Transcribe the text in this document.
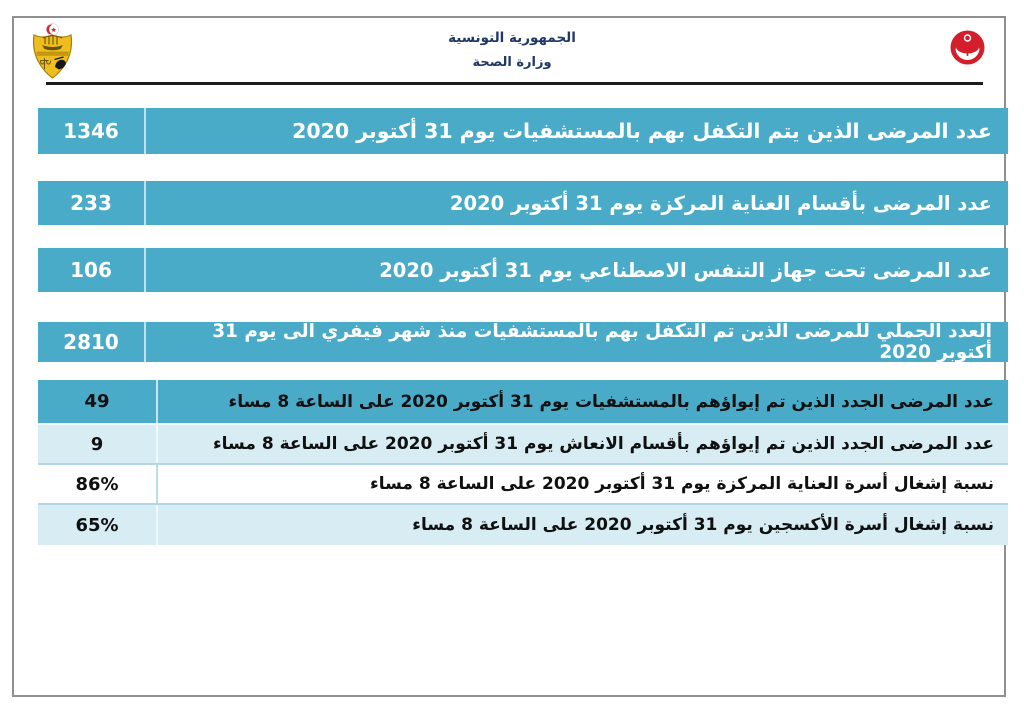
الجمهورية التونسية
وزارة الصحة
1346	عدد المرضى الذين يتم التكفل بهم بالمستشفيات يوم 31 أكتوبر 2020
233	عدد المرضى بأقسام العناية المركزة يوم 31 أكتوبر 2020
106	عدد المرضى تحت جهاز التنفس الاصطناعي يوم 31 أكتوبر 2020
2810	العدد الجملي للمرضى الذين تم التكفل بهم بالمستشفيات منذ شهر فيفري الى يوم 31 أكتوبر 2020
49	عدد المرضى الجدد الذين تم إيواؤهم بالمستشفيات يوم 31 أكتوبر 2020 على الساعة 8 مساء
9	عدد المرضى الجدد الذين تم إيواؤهم بأقسام الانعاش يوم 31 أكتوبر 2020 على الساعة 8 مساء
86%	نسبة إشغال أسرة العناية المركزة يوم 31 أكتوبر 2020 على الساعة 8 مساء
65%	نسبة إشغال أسرة الأكسجين يوم 31 أكتوبر 2020 على الساعة 8 مساء
